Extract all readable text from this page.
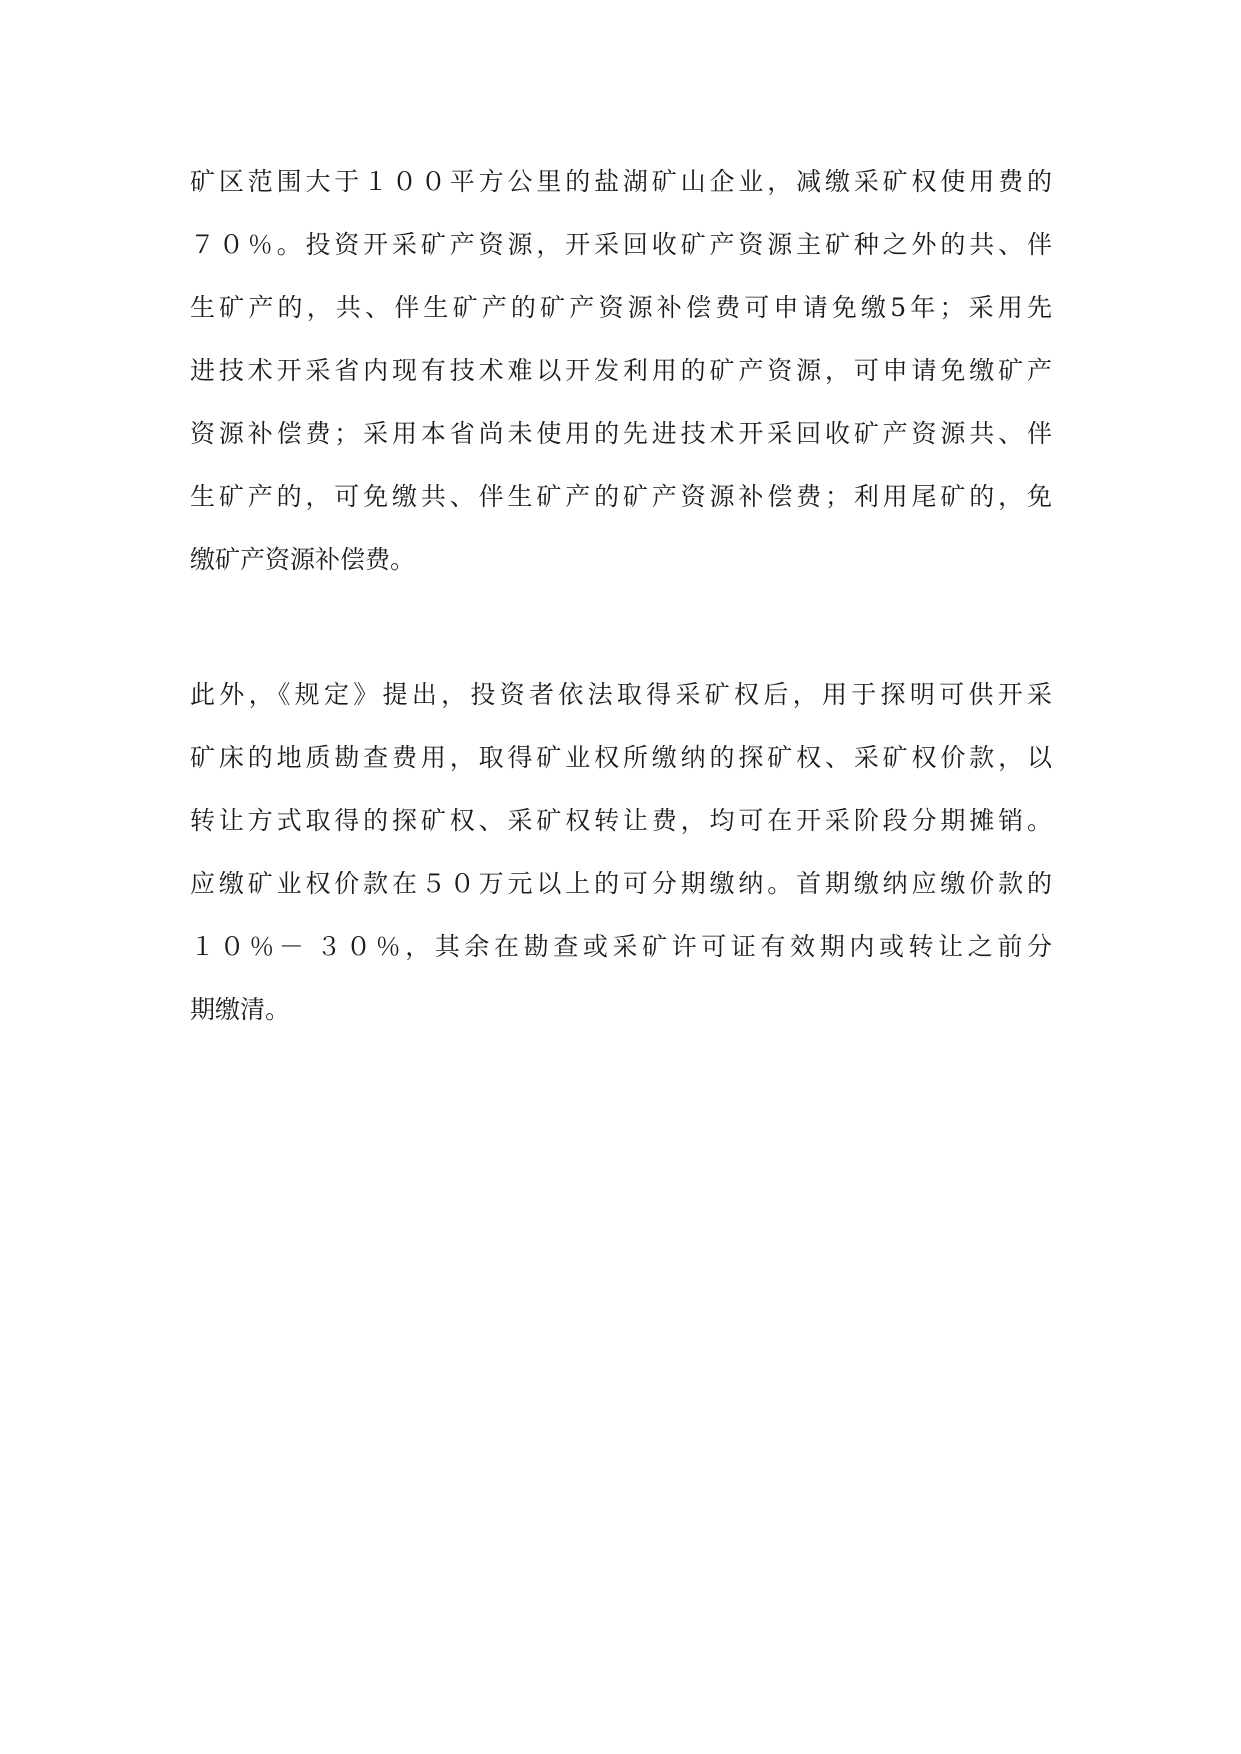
矿区范围大于１００平方公里的盐湖矿山企业，减缴采矿权使用费的
７０％。投资开采矿产资源，开采回收矿产资源主矿种之外的共、伴
生矿产的，共、伴生矿产的矿产资源补偿费可申请免缴5年；采用先
进技术开采省内现有技术难以开发利用的矿产资源，可申请免缴矿产
资源补偿费；采用本省尚未使用的先进技术开采回收矿产资源共、伴
生矿产的，可免缴共、伴生矿产的矿产资源补偿费；利用尾矿的，免
缴矿产资源补偿费。
此外，《规定》提出，投资者依法取得采矿权后，用于探明可供开采
矿床的地质勘查费用，取得矿业权所缴纳的探矿权、采矿权价款，以
转让方式取得的探矿权、采矿权转让费，均可在开采阶段分期摊销。
应缴矿业权价款在５０万元以上的可分期缴纳。首期缴纳应缴价款的
１０％－ ３０％，其余在勘查或采矿许可证有效期内或转让之前分
期缴清。
